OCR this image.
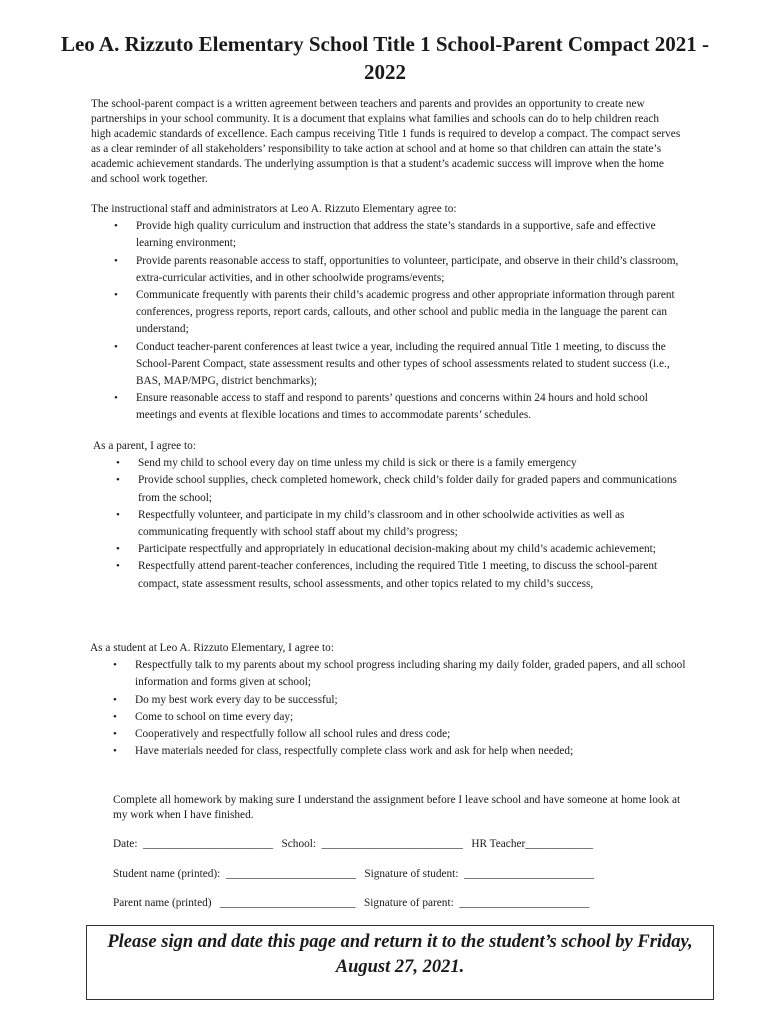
Leo A. Rizzuto Elementary School Title 1 School-Parent Compact 2021 - 2022

The school-parent compact is a written agreement between teachers and parents and provides an opportunity to create new partnerships in your school community. It is a document that explains what families and schools can do to help children reach high academic standards of excellence. Each campus receiving Title 1 funds is required to develop a compact. The compact serves as a clear reminder of all stakeholders’ responsibility to take action at school and at home so that children can attain the state’s academic achievement standards. The underlying assumption is that a student’s academic success will improve when the home and school work together.

The instructional staff and administrators at Leo A. Rizzuto Elementary agree to:

• Provide high quality curriculum and instruction that address the state’s standards in a supportive, safe and effective learning environment;
• Provide parents reasonable access to staff, opportunities to volunteer, participate, and observe in their child’s classroom, extra-curricular activities, and in other schoolwide programs/events;
• Communicate frequently with parents their child’s academic progress and other appropriate information through parent conferences, progress reports, report cards, callouts, and other school and public media in the language the parent can understand;
• Conduct teacher-parent conferences at least twice a year, including the required annual Title 1 meeting, to discuss the School-Parent Compact, state assessment results and other types of school assessments related to student success (i.e., BAS, MAP/MPG, district benchmarks);
• Ensure reasonable access to staff and respond to parents’ questions and concerns within 24 hours and hold school meetings and events at flexible locations and times to accommodate parents’ schedules.

As a parent, I agree to:

• Send my child to school every day on time unless my child is sick or there is a family emergency
• Provide school supplies, check completed homework, check child’s folder daily for graded papers and communications from the school;
• Respectfully volunteer, and participate in my child’s classroom and in other schoolwide activities as well as communicating frequently with school staff about my child’s progress;
• Participate respectfully and appropriately in educational decision-making about my child’s academic achievement;
• Respectfully attend parent-teacher conferences, including the required Title 1 meeting, to discuss the school-parent compact, state assessment results, school assessments, and other topics related to my child’s success,

As a student at Leo A. Rizzuto Elementary, I agree to:

• Respectfully talk to my parents about my school progress including sharing my daily folder, graded papers, and all school information and forms given at school;
• Do my best work every day to be successful;
• Come to school on time every day;
• Cooperatively and respectfully follow all school rules and dress code;
• Have materials needed for class, respectfully complete class work and ask for help when needed;

Complete all homework by making sure I understand the assignment before I leave school and have someone at home look at my work when I have finished.

Date:  _______________________   School:  _________________________   HR Teacher____________
Student name (printed):  _______________________   Signature of student:  _______________________
Parent name (printed)   ________________________   Signature of parent:  _______________________
Please sign and date this page and return it to the student’s school by Friday, August 27, 2021.
